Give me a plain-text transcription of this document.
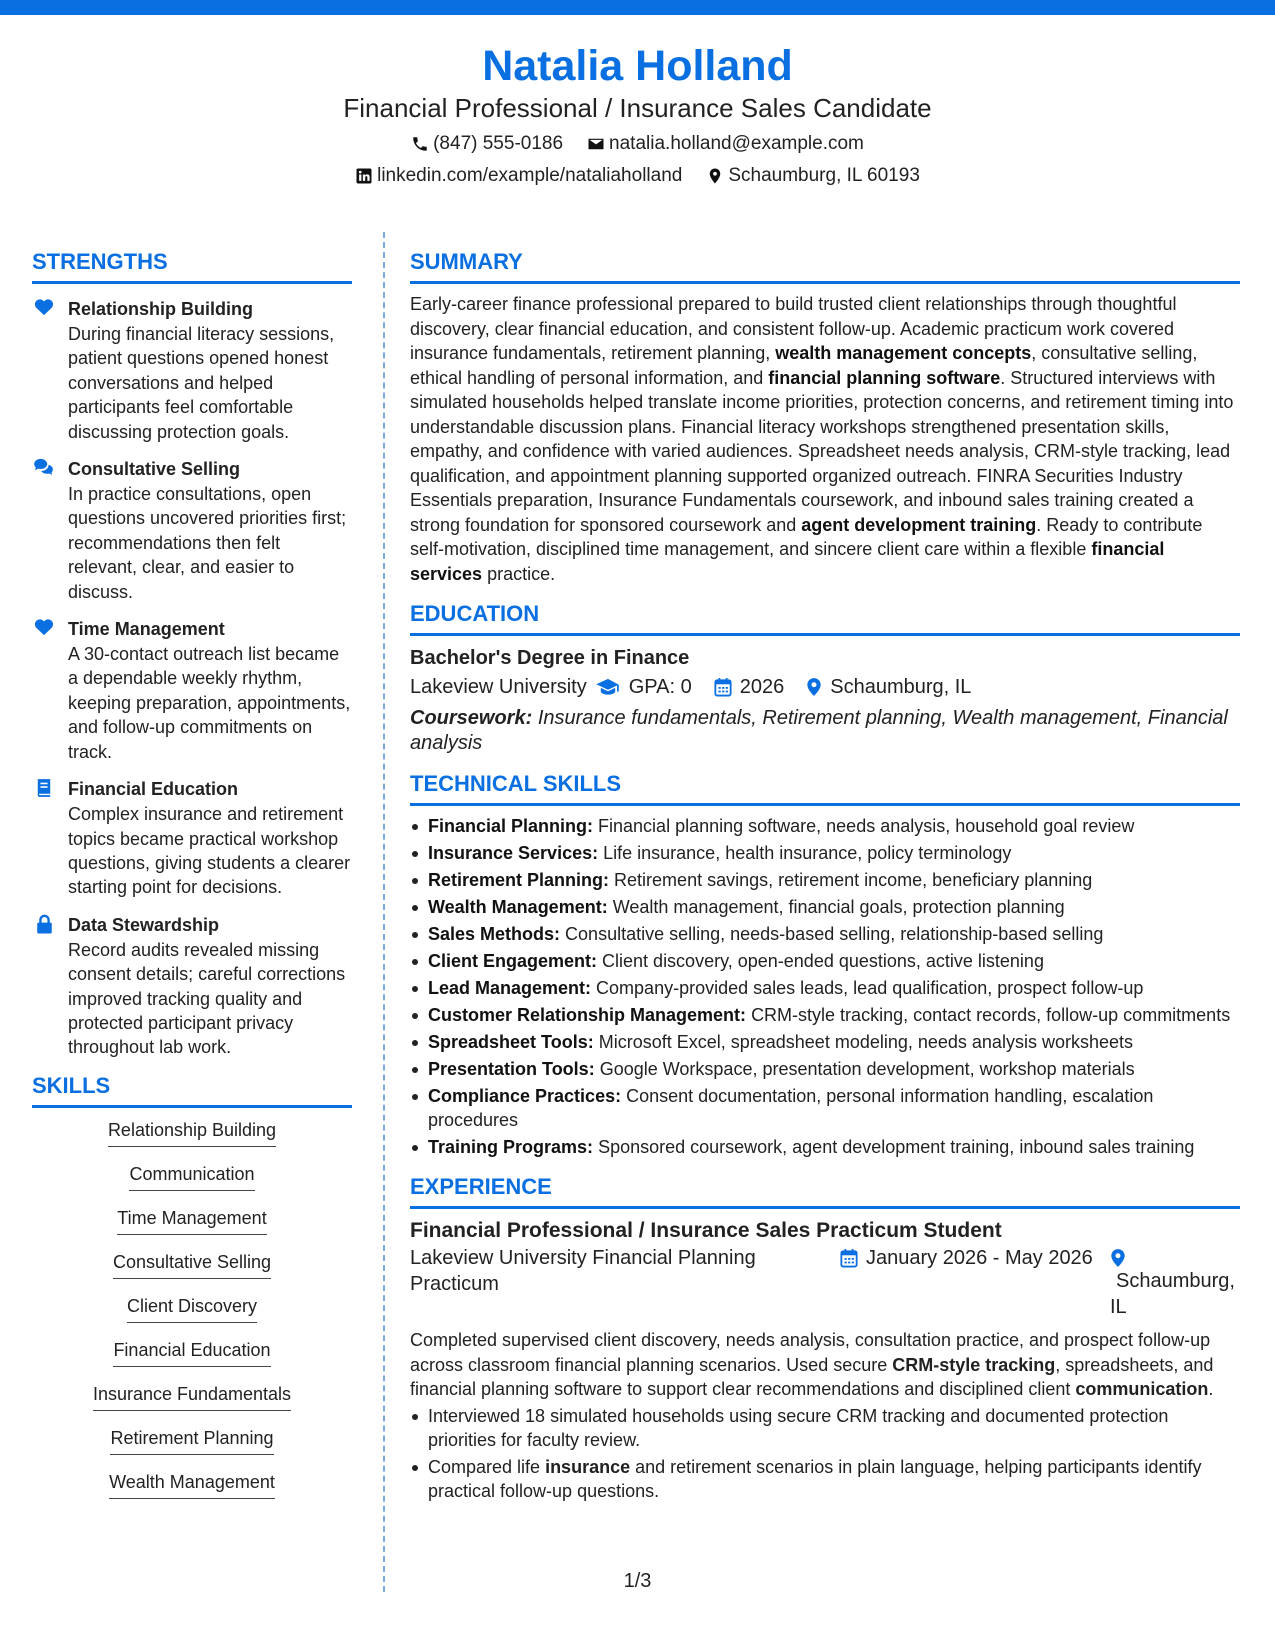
Natalia Holland
Financial Professional / Insurance Sales Candidate
(847) 555-0186 natalia.holland@example.com
linkedin.com/example/nataliaholland Schaumburg, IL 60193
STRENGTHS
Relationship Building
During financial literacy sessions, patient questions opened honest conversations and helped participants feel comfortable discussing protection goals.
Consultative Selling
In practice consultations, open questions uncovered priorities first; recommendations then felt relevant, clear, and easier to discuss.
Time Management
A 30-contact outreach list became a dependable weekly rhythm, keeping preparation, appointments, and follow-up commitments on track.
Financial Education
Complex insurance and retirement topics became practical workshop questions, giving students a clearer starting point for decisions.
Data Stewardship
Record audits revealed missing consent details; careful corrections improved tracking quality and protected participant privacy throughout lab work.
SKILLS
Relationship Building
Communication
Time Management
Consultative Selling
Client Discovery
Financial Education
Insurance Fundamentals
Retirement Planning
Wealth Management
SUMMARY

Early-career finance professional prepared to build trusted client relationships through thoughtful discovery, clear financial education, and consistent follow-up. Academic practicum work covered insurance fundamentals, retirement planning, wealth management concepts, consultative selling, ethical handling of personal information, and financial planning software. Structured interviews with simulated households helped translate income priorities, protection concerns, and retirement timing into understandable discussion plans. Financial literacy workshops strengthened presentation skills, empathy, and confidence with varied audiences. Spreadsheet needs analysis, CRM-style tracking, lead qualification, and appointment planning supported organized outreach. FINRA Securities Industry Essentials preparation, Insurance Fundamentals coursework, and inbound sales training created a strong foundation for sponsored coursework and agent development training. Ready to contribute self-motivation, disciplined time management, and sincere client care within a flexible financial services practice.

EDUCATION
Bachelor's Degree in Finance
Lakeview University GPA: 0 2026 Schaumburg, IL
Coursework: Insurance fundamentals, Retirement planning, Wealth management, Financial analysis
TECHNICAL SKILLS
Financial Planning: Financial planning software, needs analysis, household goal review
Insurance Services: Life insurance, health insurance, policy terminology
Retirement Planning: Retirement savings, retirement income, beneficiary planning
Wealth Management: Wealth management, financial goals, protection planning
Sales Methods: Consultative selling, needs-based selling, relationship-based selling
Client Engagement: Client discovery, open-ended questions, active listening
Lead Management: Company-provided sales leads, lead qualification, prospect follow-up
Customer Relationship Management: CRM-style tracking, contact records, follow-up commitments
Spreadsheet Tools: Microsoft Excel, spreadsheet modeling, needs analysis worksheets
Presentation Tools: Google Workspace, presentation development, workshop materials
Compliance Practices: Consent documentation, personal information handling, escalation procedures
Training Programs: Sponsored coursework, agent development training, inbound sales training
EXPERIENCE
Financial Professional / Insurance Sales Practicum Student
Lakeview University Financial Planning Practicum
January 2026 - May 2026
Schaumburg,
IL

Completed supervised client discovery, needs analysis, consultation practice, and prospect follow-up across classroom financial planning scenarios. Used secure CRM-style tracking, spreadsheets, and financial planning software to support clear recommendations and disciplined client communication.

Interviewed 18 simulated households using secure CRM tracking and documented protection priorities for faculty review.
Compared life insurance and retirement scenarios in plain language, helping participants identify practical follow-up questions.
1/3
